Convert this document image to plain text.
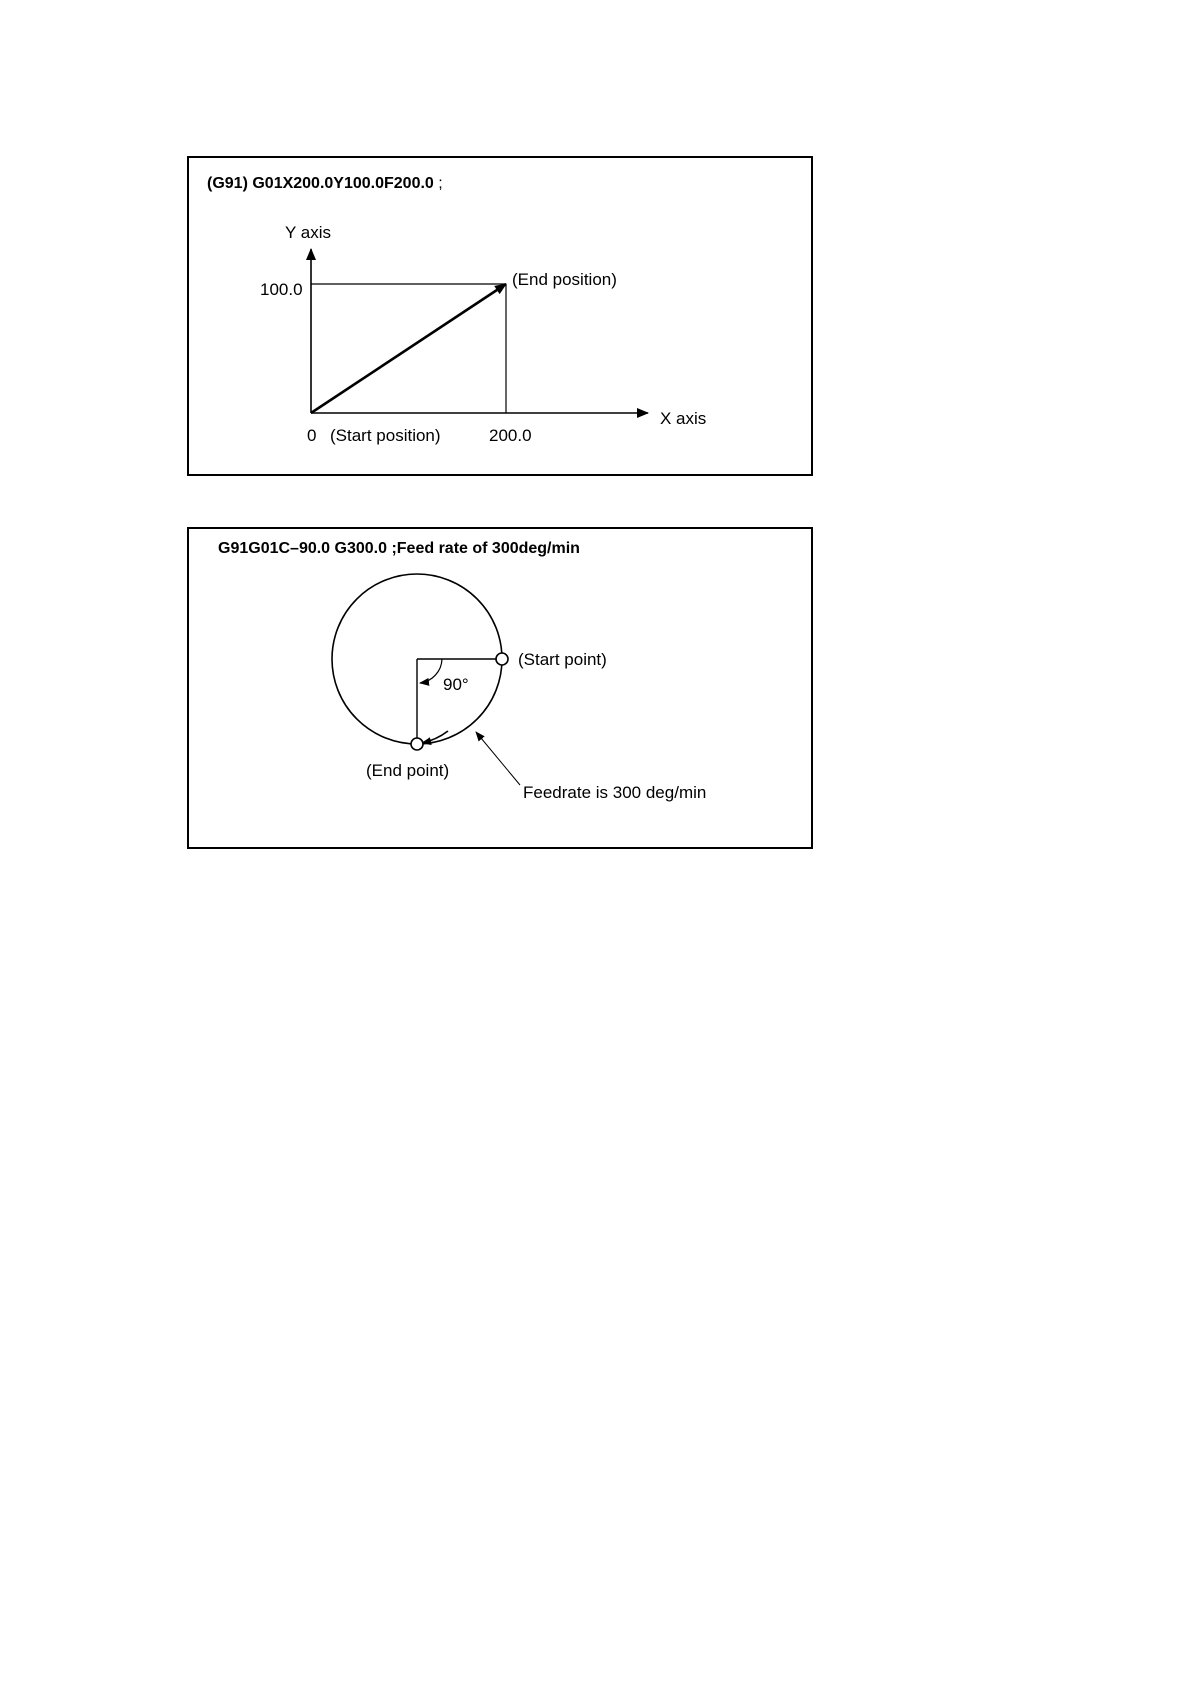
(G91) G01X200.0Y100.0F200.0 ;
Y axis
X axis
100.0
200.0
0 (Start position)
(End position)
G91G01C–90.0 G300.0 ;Feed rate of 300deg/min
90°
(Start point)
(End point)
Feedrate is 300 deg/min
